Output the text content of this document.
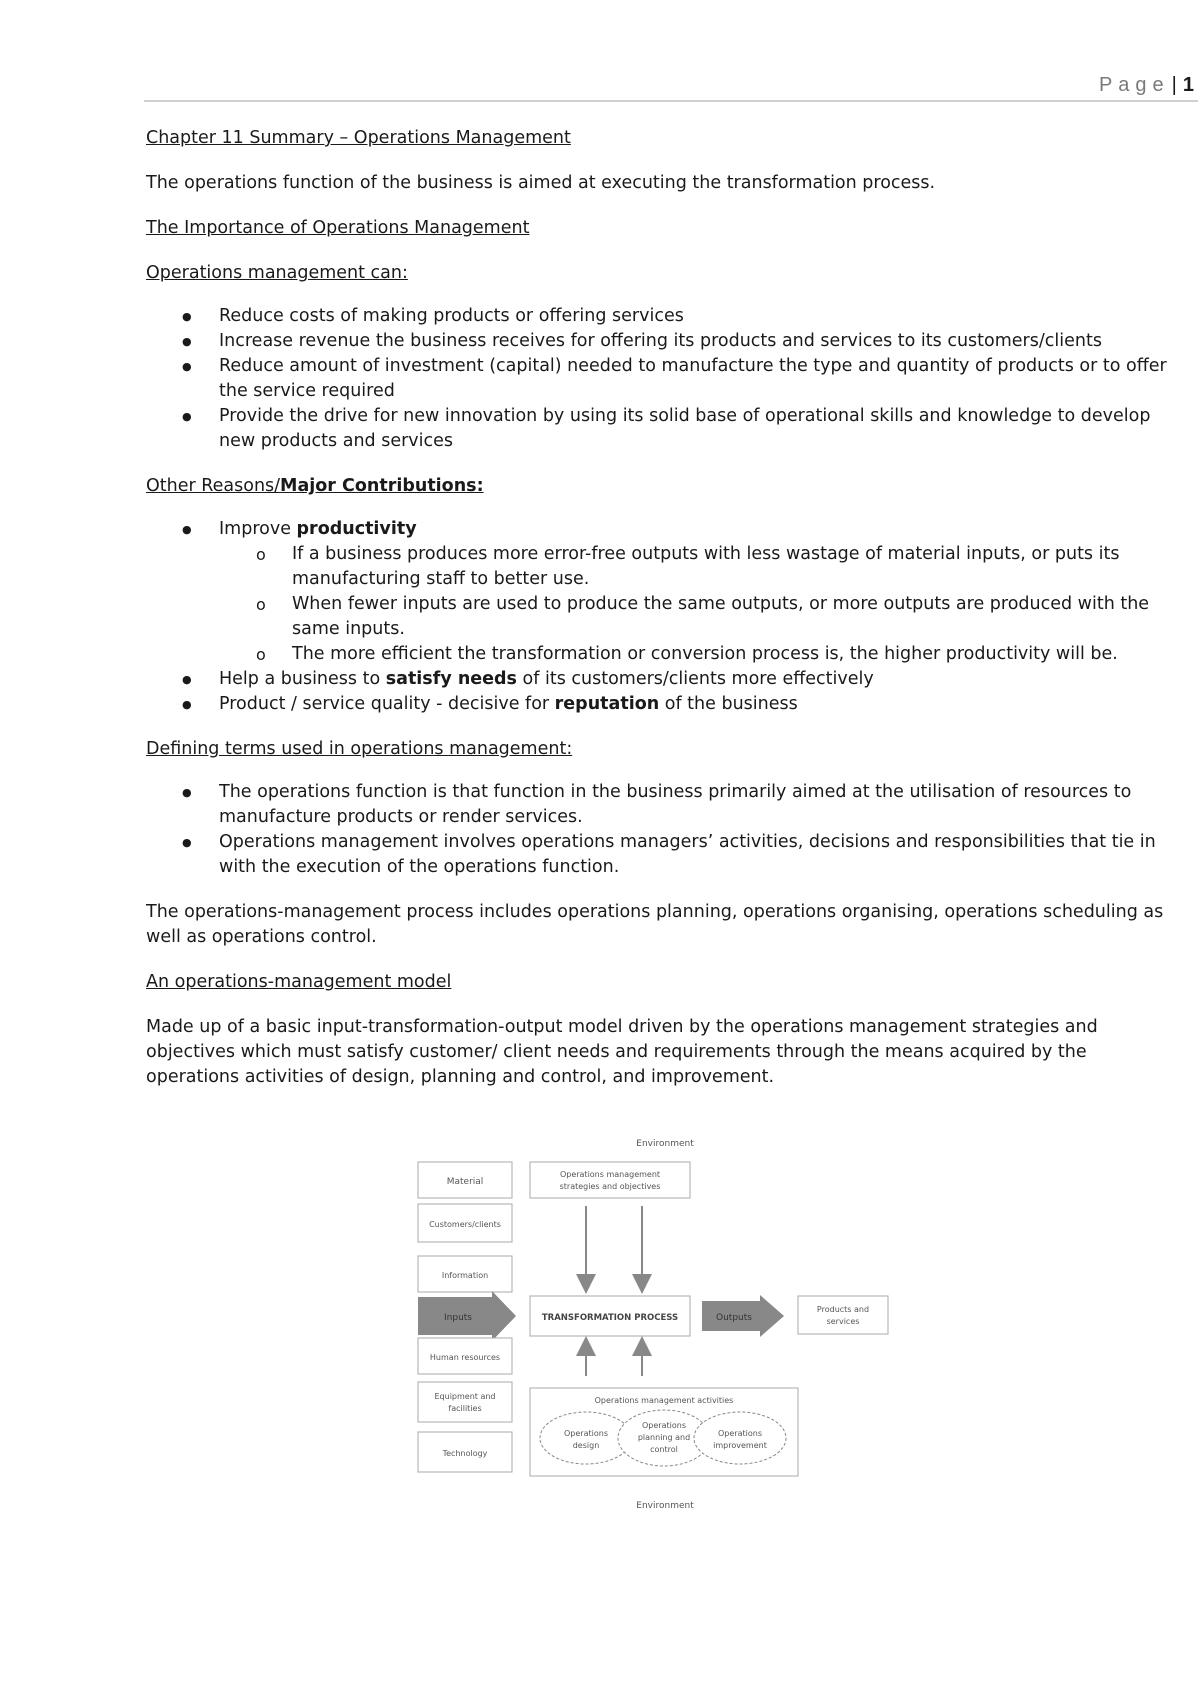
Page | 1

Chapter 11 Summary – Operations Management

The operations function of the business is aimed at executing the transformation process.

The Importance of Operations Management

Operations management can:

● Reduce costs of making products or offering services
● Increase revenue the business receives for offering its products and services to its customers/clients
● Reduce amount of investment (capital) needed to manufacture the type and quantity of products or to offer the service required
● Provide the drive for new innovation by using its solid base of operational skills and knowledge to develop new products and services

Other Reasons/Major Contributions:

● Improve productivity
o If a business produces more error-free outputs with less wastage of material inputs, or puts its manufacturing staff to better use.
o When fewer inputs are used to produce the same outputs, or more outputs are produced with the same inputs.
o The more efficient the transformation or conversion process is, the higher productivity will be.
● Help a business to satisfy needs of its customers/clients more effectively
● Product / service quality - decisive for reputation of the business

Defining terms used in operations management:

● The operations function is that function in the business primarily aimed at the utilisation of resources to manufacture products or render services.
● Operations management involves operations managers’ activities, decisions and responsibilities that tie in with the execution of the operations function.

The operations-management process includes operations planning, operations organising, operations scheduling as well as operations control.

An operations-management model

Made up of a basic input-transformation-output model driven by the operations management strategies and objectives which must satisfy customer/ client needs and requirements through the means acquired by the operations activities of design, planning and control, and improvement.

Environment
Environment
Material
Customers/clients
Information
Inputs
Human resources
Equipment and
facilities
Technology
Operations management
strategies and objectives
TRANSFORMATION PROCESS	Outputs
Products and
services
Operations management activities
Operations
design
Operations
planning and
control
Operations
improvement
